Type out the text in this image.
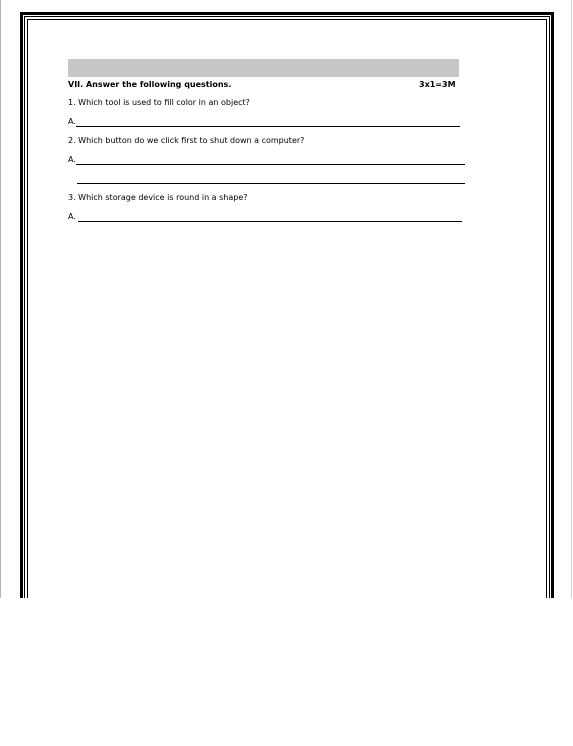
VII. Answer the following questions.	3x1=3M
1. Which tool is used to fill color in an object?
A.
2. Which button do we click first to shut down a computer?
A.
3. Which storage device is round in a shape?
A.
